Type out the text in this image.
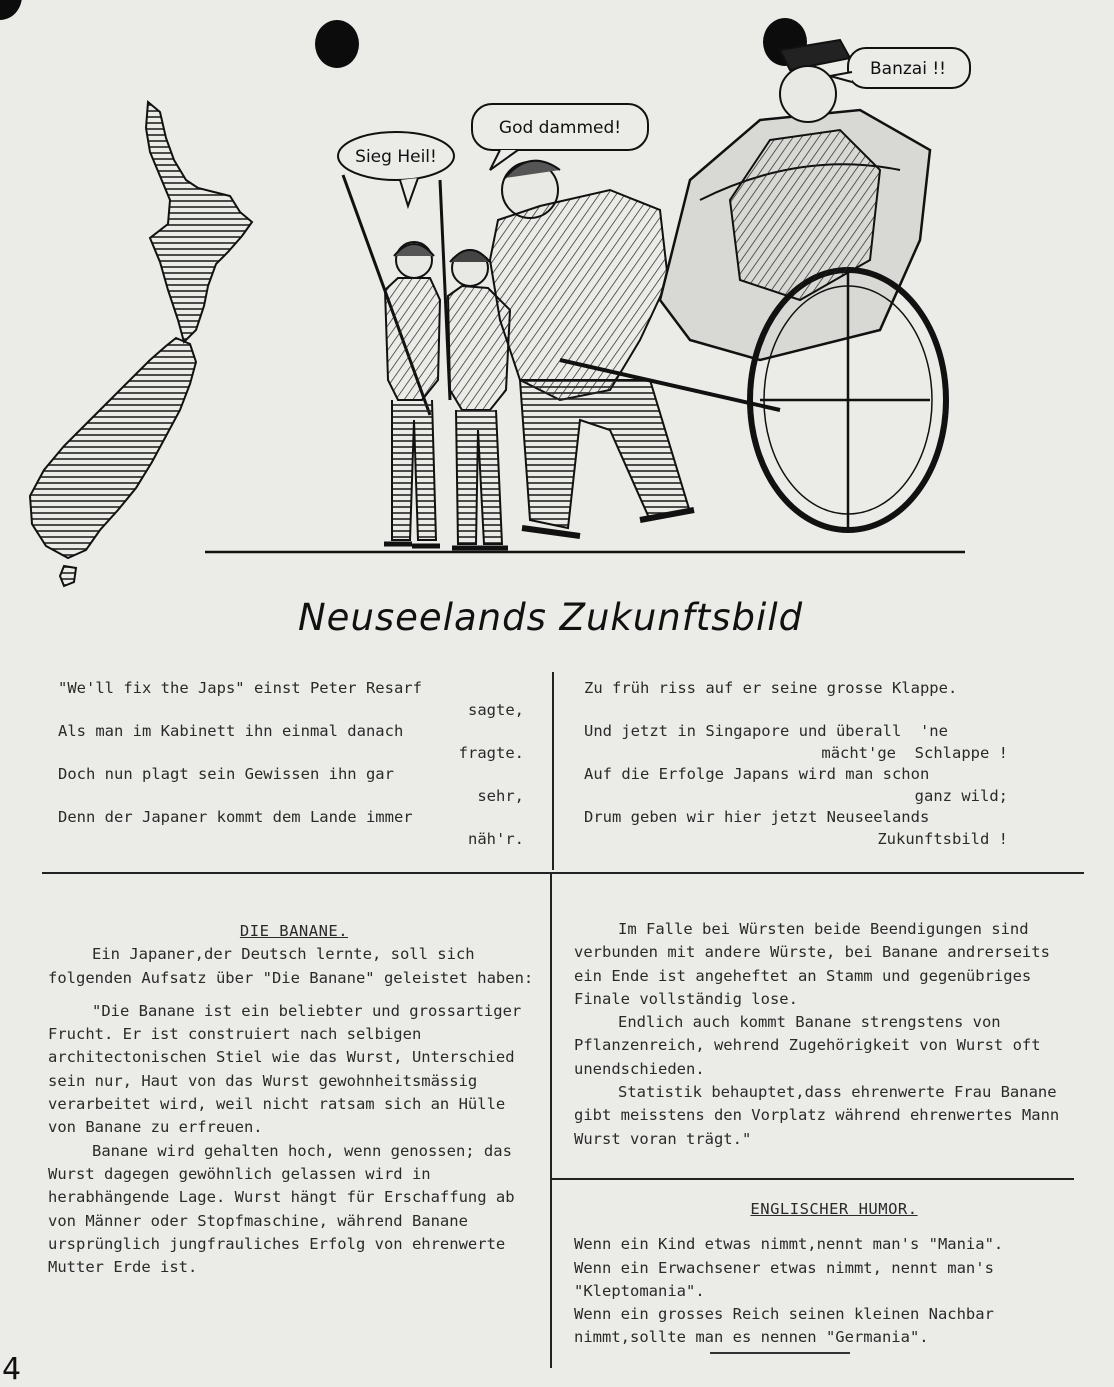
Sieg Heil!
God dammed!
Banzai !!
Neuseelands Zukunftsbild
"We'll fix the Japs" einst Peter Resarf
sagte,
Als man im Kabinett ihn einmal danach
fragte.
Doch nun plagt sein Gewissen ihn gar
sehr,
Denn der Japaner kommt dem Lande immer
näh'r.
Zu früh riss auf er seine grosse Klappe.

Und jetzt in Singapore und überall  'ne
mächt'ge  Schlappe !
Auf die Erfolge Japans wird man schon
ganz wild;
Drum geben wir hier jetzt Neuseelands
Zukunftsbild !

DIE BANANE.

Ein Japaner,der Deutsch lernte, soll sich folgenden Aufsatz über "Die Banane" geleistet haben:

"Die Banane ist ein beliebter und grossartiger Frucht. Er ist construiert nach selbigen architectonischen Stiel wie das Wurst, Unterschied sein nur, Haut von das Wurst gewohnheitsmässig verarbeitet wird, weil nicht ratsam sich an Hülle von Banane zu erfreuen.

Banane wird gehalten hoch, wenn genossen; das Wurst dagegen gewöhnlich gelassen wird in herabhängende Lage. Wurst hängt für Erschaffung ab von Männer oder Stopfmaschine, während Banane ursprünglich jungfrauliches Erfolg von ehrenwerte Mutter Erde ist.

Im Falle bei Würsten beide Beendigungen sind verbunden mit andere Würste, bei Banane andrerseits ein Ende ist angeheftet an Stamm und gegenübriges Finale vollständig lose.

Endlich auch kommt Banane strengstens von Pflanzenreich, wehrend Zugehörigkeit von Wurst oft unendschieden.

Statistik behauptet,dass ehrenwerte Frau Banane gibt meisstens den Vorplatz während ehrenwertes Mann Wurst voran trägt."

ENGLISCHER HUMOR.

Wenn ein Kind etwas nimmt,nennt man's "Mania".

Wenn ein Erwachsener etwas nimmt, nennt man's "Kleptomania".

Wenn ein grosses Reich seinen kleinen Nachbar nimmt,sollte man es nennen "Germania".

4
